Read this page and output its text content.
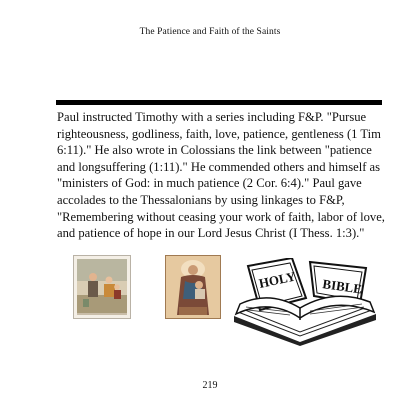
The Patience and Faith of the Saints

Paul instructed Timothy with a series including F&P. "Pursue righteousness, godliness, faith, love, patience, gentleness (1 Tim 6:11)." He also wrote in Colossians the link between "patience and longsuffering (1:11)." He commended others and himself as "ministers of God: in much patience (2 Cor. 6:4)." Paul gave accolades to the Thessalonians by using linkages to F&P, "Remembering without ceasing your work of faith, labor of love, and patience of hope in our Lord Jesus Christ (I Thess. 1:3)."

HOLY BIBLE
219
